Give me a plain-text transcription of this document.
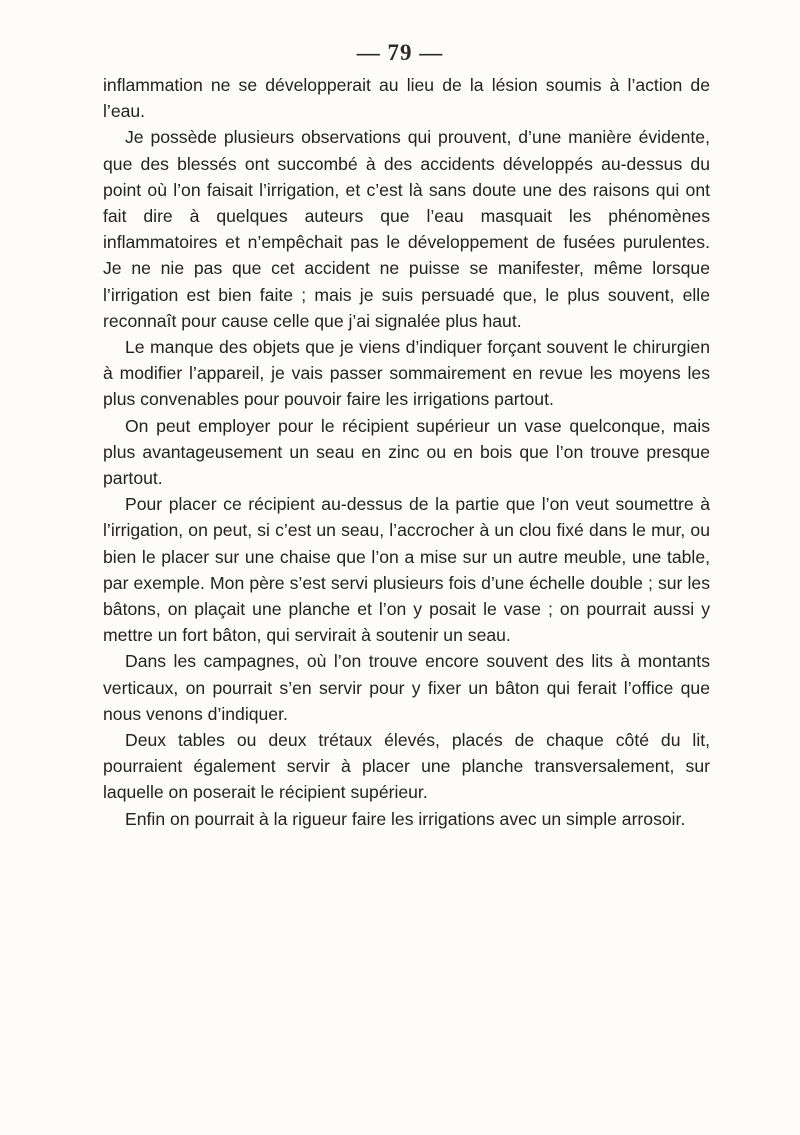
— 79 —

inflammation ne se développerait au lieu de la lésion soumis à l’action de l’eau.

Je possède plusieurs observations qui prouvent, d’une manière évidente, que des blessés ont succombé à des accidents développés au-dessus du point où l’on faisait l’irrigation, et c’est là sans doute une des raisons qui ont fait dire à quelques auteurs que l’eau masquait les phénomènes inflammatoires et n’empêchait pas le développement de fusées purulentes. Je ne nie pas que cet accident ne puisse se manifester, même lorsque l’irrigation est bien faite ; mais je suis persuadé que, le plus souvent, elle reconnaît pour cause celle que j’ai signalée plus haut.

Le manque des objets que je viens d’indiquer forçant souvent le chirurgien à modifier l’appareil, je vais passer sommairement en revue les moyens les plus convenables pour pouvoir faire les irrigations partout.

On peut employer pour le récipient supérieur un vase quelconque, mais plus avantageusement un seau en zinc ou en bois que l’on trouve presque partout.

Pour placer ce récipient au-dessus de la partie que l’on veut soumettre à l’irrigation, on peut, si c’est un seau, l’accrocher à un clou fixé dans le mur, ou bien le placer sur une chaise que l’on a mise sur un autre meuble, une table, par exemple. Mon père s’est servi plusieurs fois d’une échelle double ; sur les bâtons, on plaçait une planche et l’on y posait le vase ; on pourrait aussi y mettre un fort bâton, qui servirait à soutenir un seau.

Dans les campagnes, où l’on trouve encore souvent des lits à montants verticaux, on pourrait s’en servir pour y fixer un bâton qui ferait l’office que nous venons d’indiquer.

Deux tables ou deux trétaux élevés, placés de chaque côté du lit, pourraient également servir à placer une planche transversalement, sur laquelle on poserait le récipient supérieur.

Enfin on pourrait à la rigueur faire les irrigations avec un simple arrosoir.
